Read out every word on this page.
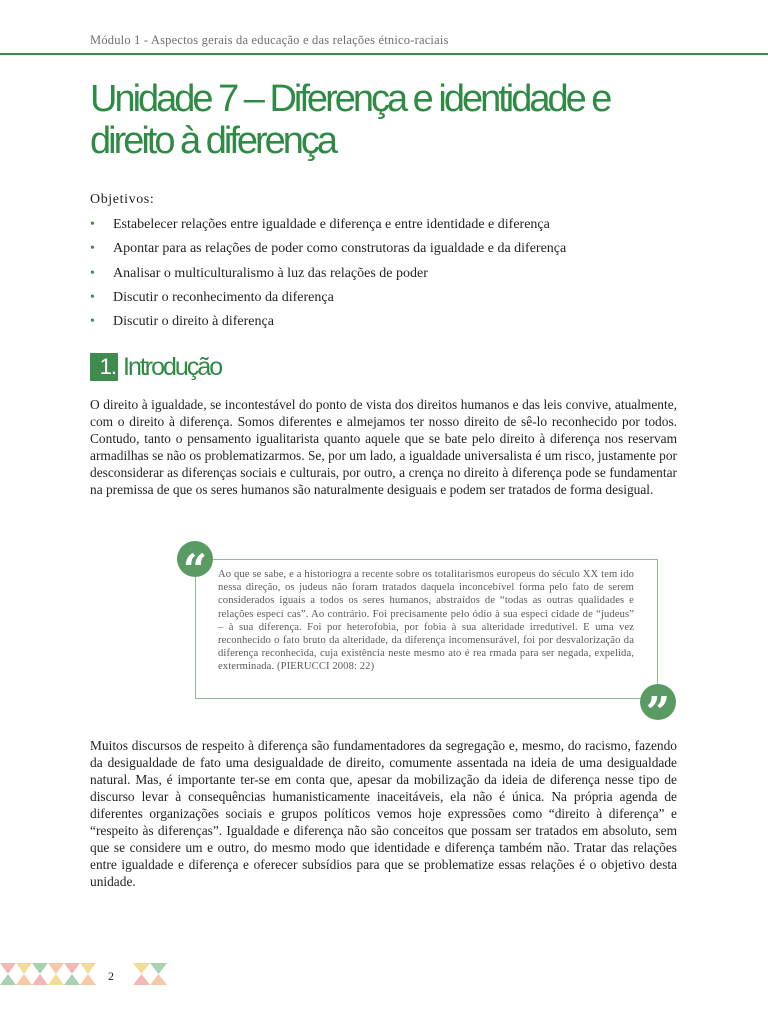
Módulo 1 - Aspectos gerais da educação e das relações étnico-raciais
Unidade 7 – Diferença e identidade e direito à diferença
Objetivos:
•	Estabelecer relações entre igualdade e diferença e entre identidade e diferença
•	Apontar para as relações de poder como construtoras da igualdade e da diferença
•	Analisar o multiculturalismo à luz das relações de poder
•	Discutir o reconhecimento da diferença
•	Discutir o direito à diferença
1. Introdução

O direito à igualdade, se incontestável do ponto de vista dos direitos humanos e das leis convive, atualmente, com o direito à diferença. Somos diferentes e almejamos ter nosso direito de sê-lo reconhecido por todos. Contudo, tanto o pensamento igualitarista quanto aquele que se bate pelo direito à diferença nos reservam armadilhas se não os problematizarmos. Se, por um lado, a igualdade universalista é um risco, justamente por desconsiderar as diferenças sociais e culturais, por outro, a crença no direito à diferença pode se fundamentar na premissa de que os seres humanos são naturalmente desiguais e podem ser tratados de forma desigual.

“	Ao que se sabe, e a historiogra a recente sobre os totalitarismos europeus do século XX tem ido nessa direção, os judeus não foram tratados daquela inconcebível forma pelo fato de serem considerados iguais a todos os seres humanos, abstraídos de “todas as outras qualidades e relações especí cas”. Ao contrário. Foi precisamente pelo ódio à sua especi cidade de “judeus” – à sua diferença. Foi por heterofobia, por fobia à sua alteridade irredutível. E uma vez reconhecido o fato bruto da alteridade, da diferença incomensurável, foi por desvalorização da diferença reconhecida, cuja existência neste mesmo ato é rea rmada para ser negada, expelida, exterminada. (PIERUCCI 2008: 22)

”

Muitos discursos de respeito à diferença são fundamentadores da segregação e, mesmo, do racismo, fazendo da desigualdade de fato uma desigualdade de direito, comumente assentada na ideia de uma desigualdade natural. Mas, é importante ter-se em conta que, apesar da mobilização da ideia de diferença nesse tipo de discurso levar à consequências humanisticamente inaceitáveis, ela não é única. Na própria agenda de diferentes organizações sociais e grupos políticos vemos hoje expressões como “direito à diferença” e “respeito às diferenças”. Igualdade e diferença não são conceitos que possam ser tratados em absoluto, sem que se considere um e outro, do mesmo modo que identidade e diferença também não. Tratar das relações entre igualdade e diferença e oferecer subsídios para que se problematize essas relações é o objetivo desta unidade.

2
